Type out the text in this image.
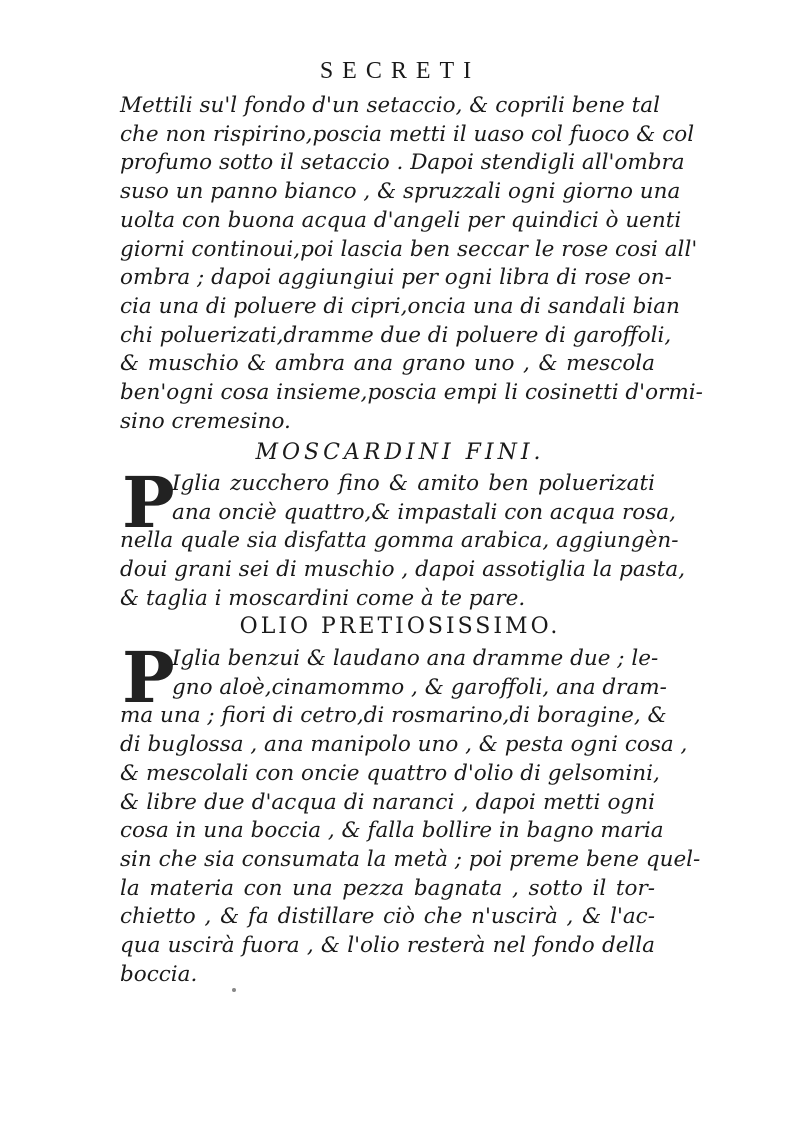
SECRETI
Mettili su'l fondo d'un setaccio, & coprili bene tal
che non rispirino,poscia metti il uaso col fuoco & col
profumo sotto il setaccio . Dapoi stendigli all'ombra
suso un panno bianco , & spruzzali ogni giorno una
uolta con buona acqua d'angeli per quindici ò uenti
giorni continoui,poi lascia ben seccar le rose cosi all'
ombra ; dapoi aggiungiui per ogni libra di rose on-
cia una di poluere di cipri,oncia una di sandali bian
chi poluerizati,dramme due di poluere di garoffoli,
& muschio & ambra ana grano uno , & mescola
ben'ogni cosa insieme,poscia empi li cosinetti d'ormi-
sino cremesino.
MOSCARDINI FINI.
P
Iglia zucchero fino & amito ben poluerizati
ana onciè quattro,& impastali con acqua rosa,
nella quale sia disfatta gomma arabica, aggiungèn-
doui grani sei di muschio , dapoi assotiglia la pasta,
& taglia i moscardini come à te pare.
OLIO PRETIOSISSIMO.
P
Iglia benzui & laudano ana dramme due ; le-
gno aloè,cinamommo , & garoffoli, ana dram-
ma una ; fiori di cetro,di rosmarino,di boragine, &
di buglossa , ana manipolo uno , & pesta ogni cosa ,
& mescolali con oncie quattro d'olio di gelsomini,
& libre due d'acqua di naranci , dapoi metti ogni
cosa in una boccia , & falla bollire in bagno maria
sin che sia consumata la metà ; poi preme bene quel-
la materia con una pezza bagnata , sotto il tor-
chietto , & fa distillare ciò che n'uscirà , & l'ac-
qua uscirà fuora , & l'olio resterà nel fondo della
boccia.
